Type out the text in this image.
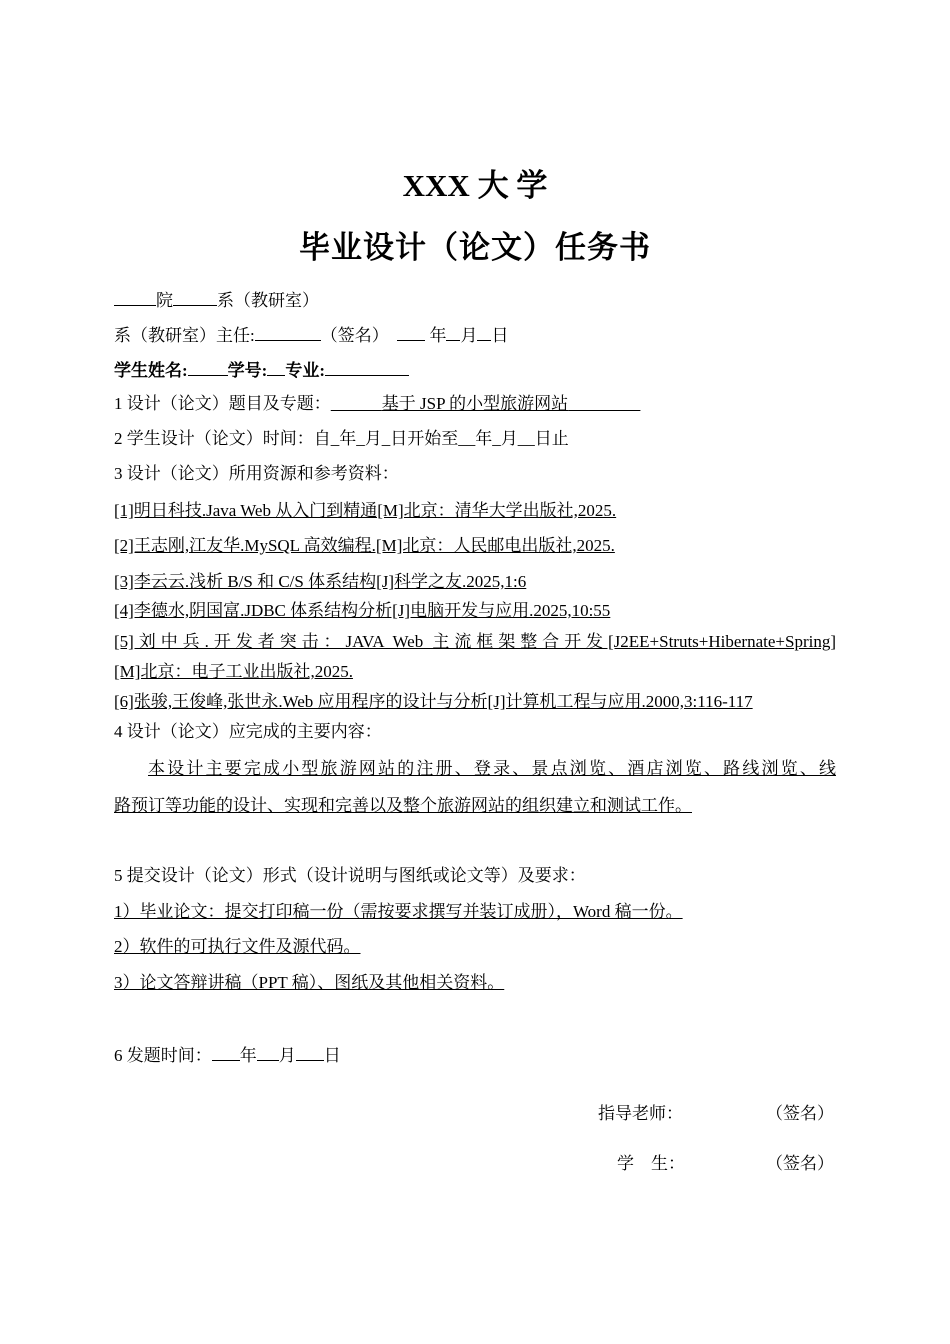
XXX 大 学
毕业设计（论文）任务书
院	系（教研室）
系（教研室）主任:	（签名） 年 月 日
学生姓名: 学号: 专业:
1 设计（论文）题目及专题：	基于 JSP 的小型旅游网站
2 学生设计（论文）时间：自_年_月_日开始至__年_月__日止
3 设计（论文）所用资源和参考资料：
[1]明日科技.Java Web 从入门到精通[M]北京：清华大学出版社,2025.
[2]王志刚,江友华.MySQL 高效编程.[M]北京：人民邮电出版社,2025.
[3]李云云.浅析 B/S 和 C/S 体系结构[J]科学之友.2025,1:6
[4]李德水,阴国富.JDBC 体系结构分析[J]电脑开发与应用.2025,10:55
[5]刘中兵.开发者突击：JAVA Web 主流框架整合开发[J2EE+Struts+Hibernate+Spring]
[M]北京：电子工业出版社,2025.
[6]张骏,王俊峰,张世永.Web 应用程序的设计与分析[J]计算机工程与应用.2000,3:116-117
4 设计（论文）应完成的主要内容：
本设计主要完成小型旅游网站的注册、登录、景点浏览、酒店浏览、路线浏览、线
路预订等功能的设计、实现和完善以及整个旅游网站的组织建立和测试工作。
5 提交设计（论文）形式（设计说明与图纸或论文等）及要求：
1）毕业论文：提交打印稿一份（需按要求撰写并装订成册），Word 稿一份。
2）软件的可执行文件及源代码。
3）论文答辩讲稿（PPT 稿）、图纸及其他相关资料。
6 发题时间： 年 月 日
指导老师：	（签名）
学　生：	（签名）
